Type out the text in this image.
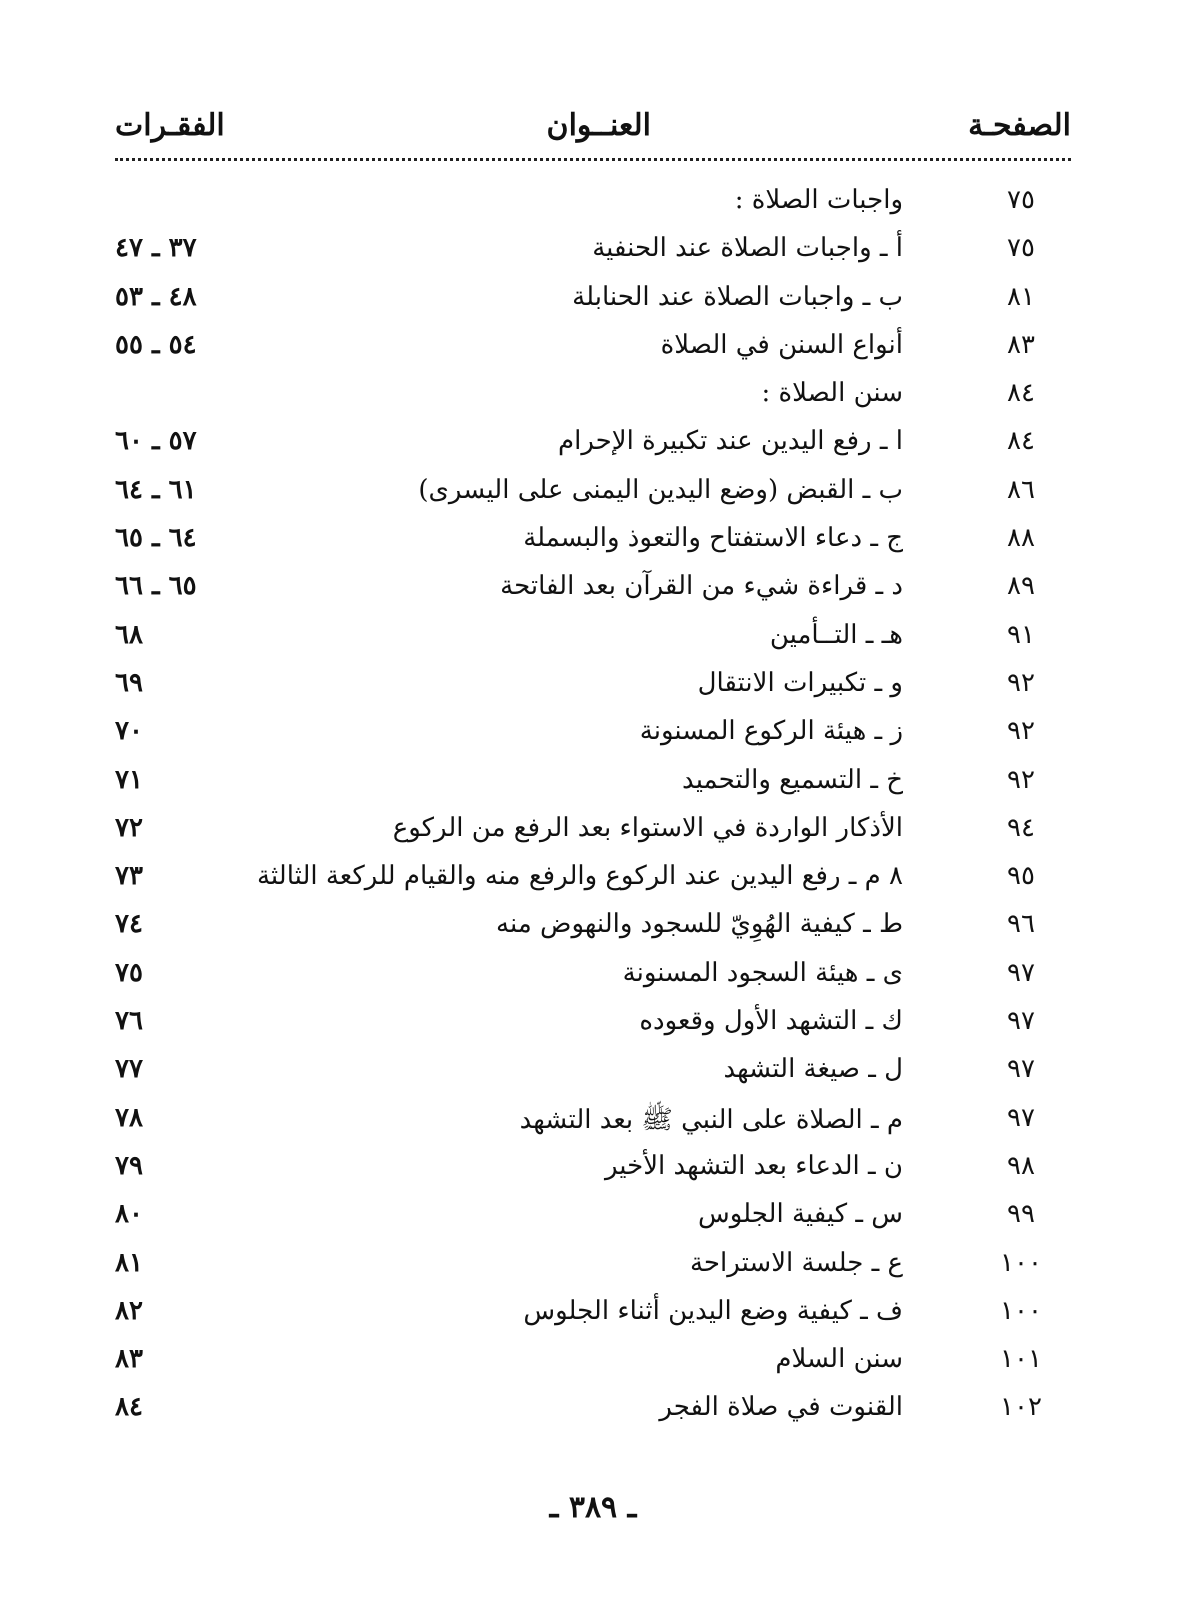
الصفحـة
العنــوان
الفقـرات
٧٥
واجبات الصلاة :
٧٥
أ ـ واجبات الصلاة عند الحنفية
٣٧ ـ ٤٧
٨١
ب ـ واجبات الصلاة عند الحنابلة
٤٨ ـ ٥٣
٨٣
أنواع السنن في الصلاة
٥٤ ـ ٥٥
٨٤
سنن الصلاة :
٨٤
ا ـ رفع اليدين عند تكبيرة الإحرام
٥٧ ـ ٦٠
٨٦
ب ـ القبض (وضع اليدين اليمنى على اليسرى)
٦١ ـ ٦٤
٨٨
ج ـ دعاء الاستفتاح والتعوذ والبسملة
٦٤ ـ ٦٥
٨٩
د ـ قراءة شيء من القرآن بعد الفاتحة
٦٥ ـ ٦٦
٩١
هـ ـ التــأمين
٦٨
٩٢
و ـ تكبيرات الانتقال
٦٩
٩٢
ز ـ هيئة الركوع المسنونة
٧٠
٩٢
خ ـ التسميع والتحميد
٧١
٩٤
الأذكار الواردة في الاستواء بعد الرفع من الركوع
٧٢
٩٥
٨ م ـ رفع اليدين عند الركوع والرفع منه والقيام للركعة الثالثة
٧٣
٩٦
ط ـ كيفية الهُوِيّ للسجود والنهوض منه
٧٤
٩٧
ى ـ هيئة السجود المسنونة
٧٥
٩٧
ك ـ التشهد الأول وقعوده
٧٦
٩٧
ل ـ صيغة التشهد
٧٧
٩٧
م ـ الصلاة على النبي ﷺ بعد التشهد
٧٨
٩٨
ن ـ الدعاء بعد التشهد الأخير
٧٩
٩٩
س ـ كيفية الجلوس
٨٠
١٠٠
ع ـ جلسة الاستراحة
٨١
١٠٠
ف ـ كيفية وضع اليدين أثناء الجلوس
٨٢
١٠١
سنن السلام
٨٣
١٠٢
القنوت في صلاة الفجر
٨٤
ـ ٣٨٩ ـ
